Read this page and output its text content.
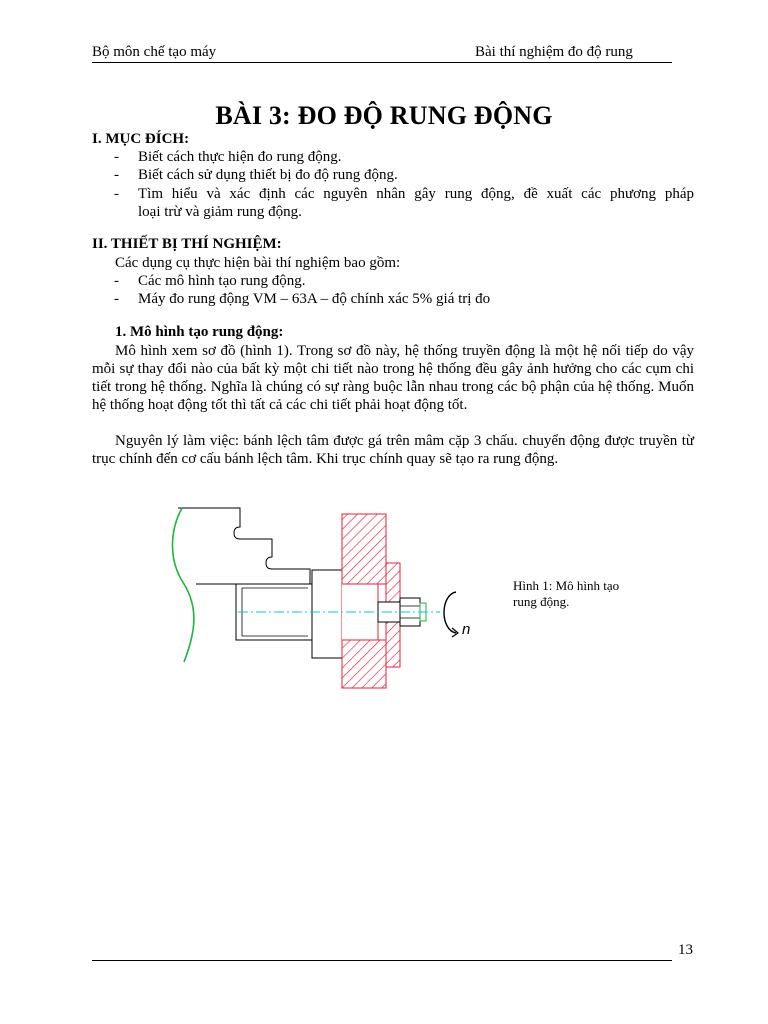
Bộ môn chế tạo máy	Bài thí nghiệm đo độ rung
BÀI 3: ĐO ĐỘ RUNG ĐỘNG
I. MỤC ĐÍCH:
- Biết cách thực hiện đo rung động.
- Biết cách sử dụng thiết bị đo độ rung động.
- Tìm hiểu và xác định các nguyên nhân gây rung động, đề xuất các phương pháp
loại trừ và giảm rung động.
II. THIẾT BỊ THÍ NGHIỆM:
Các dụng cụ thực hiện bài thí nghiệm bao gồm:
- Các mô hình tạo rung động.
- Máy đo rung động VM – 63A – độ chính xác 5% giá trị đo
1. Mô hình tạo rung động:
Mô hình xem sơ đồ (hình 1). Trong sơ đồ này, hệ thống truyền động là một hệ nối tiếp do vậy mỗi sự thay đổi nào của bất kỳ một chi tiết nào trong hệ thống đều gây ảnh hưởng cho các cụm chi tiết trong hệ thống. Nghĩa là chúng có sự ràng buộc lẫn nhau trong các bộ phận của hệ thống. Muốn hệ thống hoạt động tốt thì tất cả các chi tiết phải hoạt động tốt.
Nguyên lý làm việc: bánh lệch tâm được gá trên mâm cặp 3 chấu. chuyển động được truyền từ trục chính đến cơ cấu bánh lệch tâm. Khi trục chính quay sẽ tạo ra rung động.
n
Hình 1: Mô hình tạo rung động.
13
